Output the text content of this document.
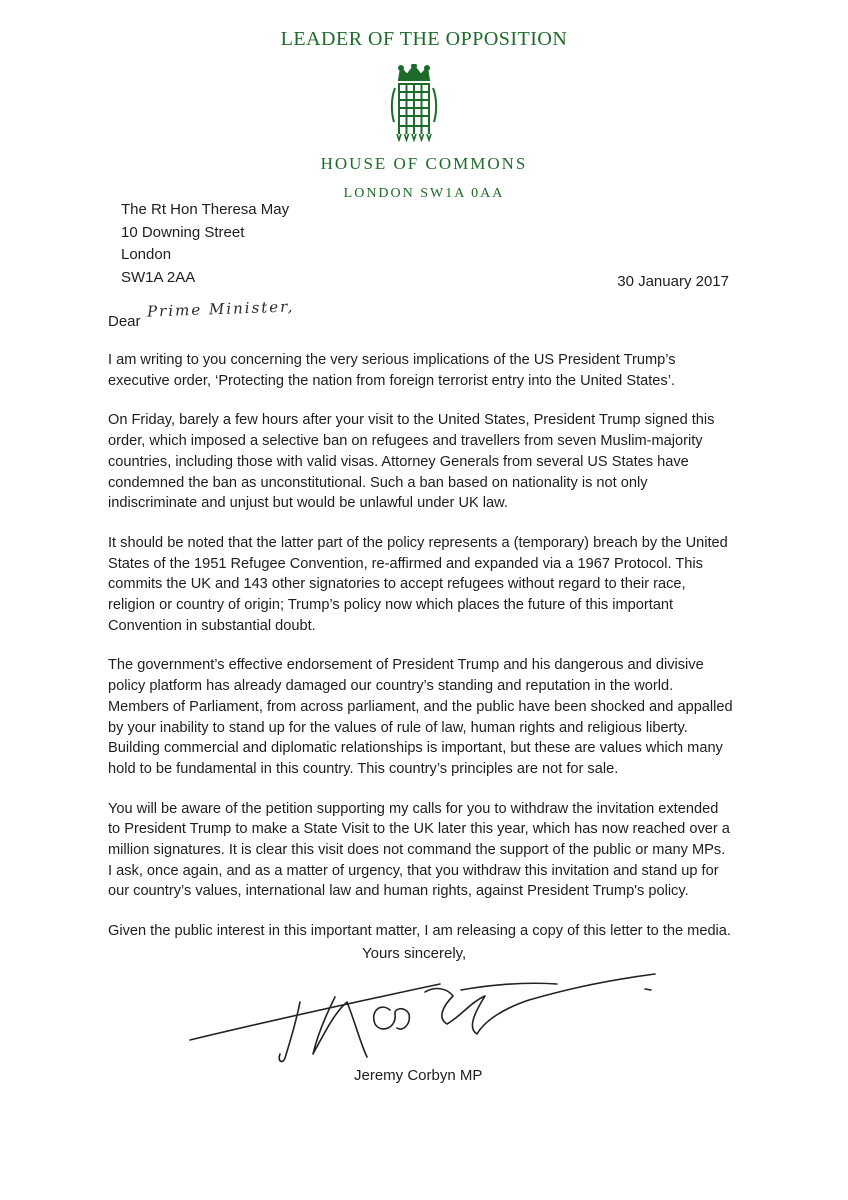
LEADER OF THE OPPOSITION
HOUSE OF COMMONS
LONDON SW1A 0AA
The Rt Hon Theresa May
10 Downing Street
London
SW1A 2AA	30 January 2017
Dear
Prime Minister,

I am writing to you concerning the very serious implications of the US President Trump’s executive order, ‘Protecting the nation from foreign terrorist entry into the United States’.

On Friday, barely a few hours after your visit to the United States, President Trump signed this order, which imposed a selective ban on refugees and travellers from seven Muslim-majority countries, including those with valid visas. Attorney Generals from several US States have condemned the ban as unconstitutional. Such a ban based on nationality is not only indiscriminate and unjust but would be unlawful under UK law.

It should be noted that the latter part of the policy represents a (temporary) breach by the United States of the 1951 Refugee Convention, re-affirmed and expanded via a 1967 Protocol. This commits the UK and 143 other signatories to accept refugees without regard to their race, religion or country of origin; Trump’s policy now which places the future of this important Convention in substantial doubt.

The government’s effective endorsement of President Trump and his dangerous and divisive policy platform has already damaged our country’s standing and reputation in the world. Members of Parliament, from across parliament, and the public have been shocked and appalled by your inability to stand up for the values of rule of law, human rights and religious liberty. Building commercial and diplomatic relationships is important, but these are values which many hold to be fundamental in this country. This country’s principles are not for sale.

You will be aware of the petition supporting my calls for you to withdraw the invitation extended to President Trump to make a State Visit to the UK later this year, which has now reached over a million signatures. It is clear this visit does not command the support of the public or many MPs. I ask, once again, and as a matter of urgency, that you withdraw this invitation and stand up for our country’s values, international law and human rights, against President Trump's policy.

Given the public interest in this important matter, I am releasing a copy of this letter to the media.

Yours sincerely,
Jeremy Corbyn MP
